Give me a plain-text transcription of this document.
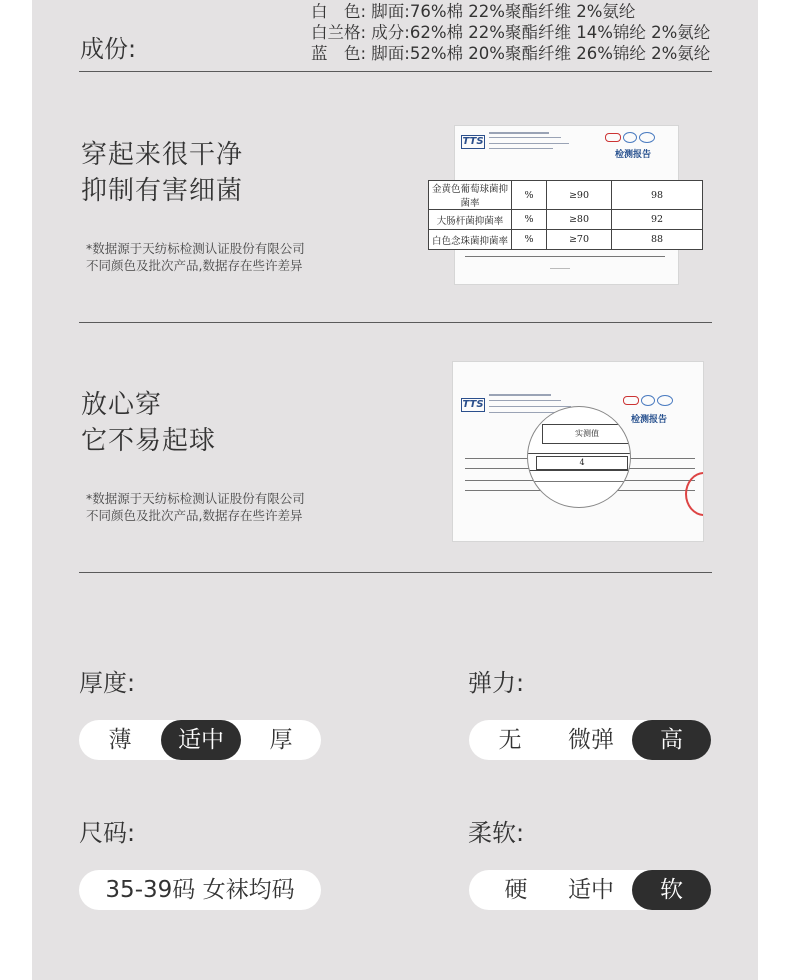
成份:
白　色: 脚面:76%棉 22%聚酯纤维 2%氨纶
白兰格: 成分:62%棉 22%聚酯纤维 14%锦纶 2%氨纶
蓝　色: 脚面:52%棉 20%聚酯纤维 26%锦纶 2%氨纶
穿起来很干净
抑制有害细菌
*数据源于天纺标检测认证股份有限公司
不同颜色及批次产品,数据存在些许差异
TTS
检测报告
金黄色葡萄球菌抑菌率	%	≥90	98
大肠杆菌抑菌率	%	≥80	92
白色念珠菌抑菌率	%	≥70	88
放心穿
它不易起球
*数据源于天纺标检测认证股份有限公司
不同颜色及批次产品,数据存在些许差异
TTS
检测报告
实测值
4
厚度:	弹力:
薄	适中	厚	无	微弹	高
尺码:	柔软:
35-39码 女袜均码	硬	适中	软
